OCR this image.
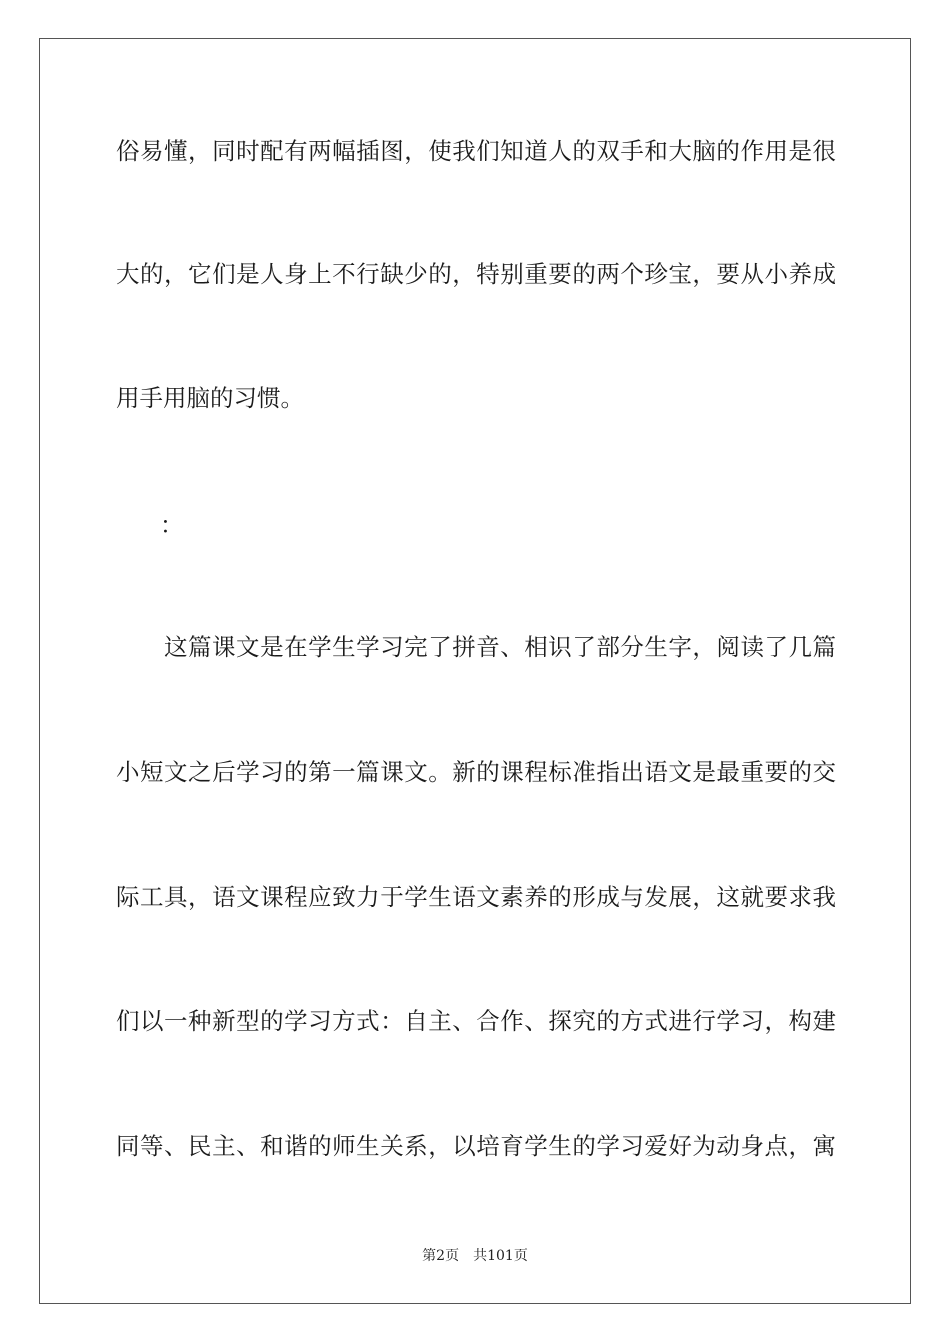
俗易懂，同时配有两幅插图，使我们知道人的双手和大脑的作用是很
大的，它们是人身上不行缺少的，特别重要的两个珍宝，要从小养成
用手用脑的习惯。
：
这篇课文是在学生学习完了拼音、相识了部分生字，阅读了几篇
小短文之后学习的第一篇课文。新的课程标准指出语文是最重要的交
际工具，语文课程应致力于学生语文素养的形成与发展，这就要求我
们以一种新型的学习方式：自主、合作、探究的方式进行学习，构建
同等、民主、和谐的师生关系，以培育学生的学习爱好为动身点，寓
第2页 共101页
